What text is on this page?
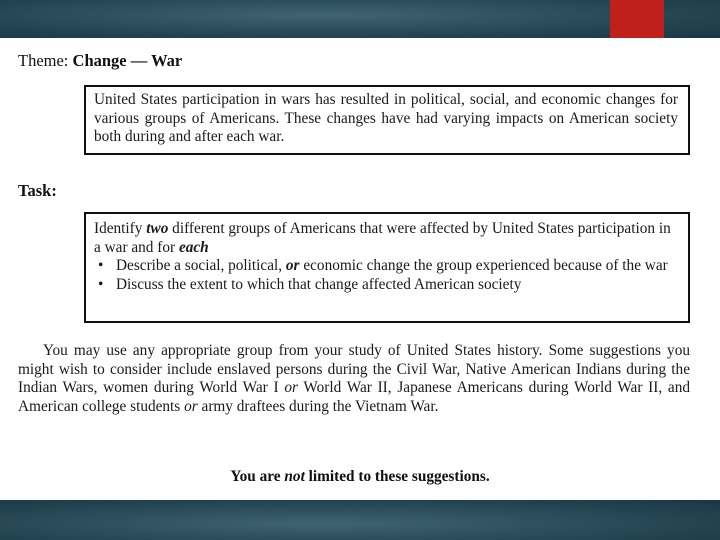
Theme: Change — War
United States participation in wars has resulted in political, social, and economic changes for various groups of Americans. These changes have had varying impacts on American society both during and after each war.
Task:
Identify two different groups of Americans that were affected by United States participation in a war and for each
• Describe a social, political, or economic change the group experienced because of the war
• Discuss the extent to which that change affected American society
You may use any appropriate group from your study of United States history. Some suggestions you might wish to consider include enslaved persons during the Civil War, Native American Indians during the Indian Wars, women during World War I or World War II, Japanese Americans during World War II, and American college students or army draftees during the Vietnam War.
You are not limited to these suggestions.
